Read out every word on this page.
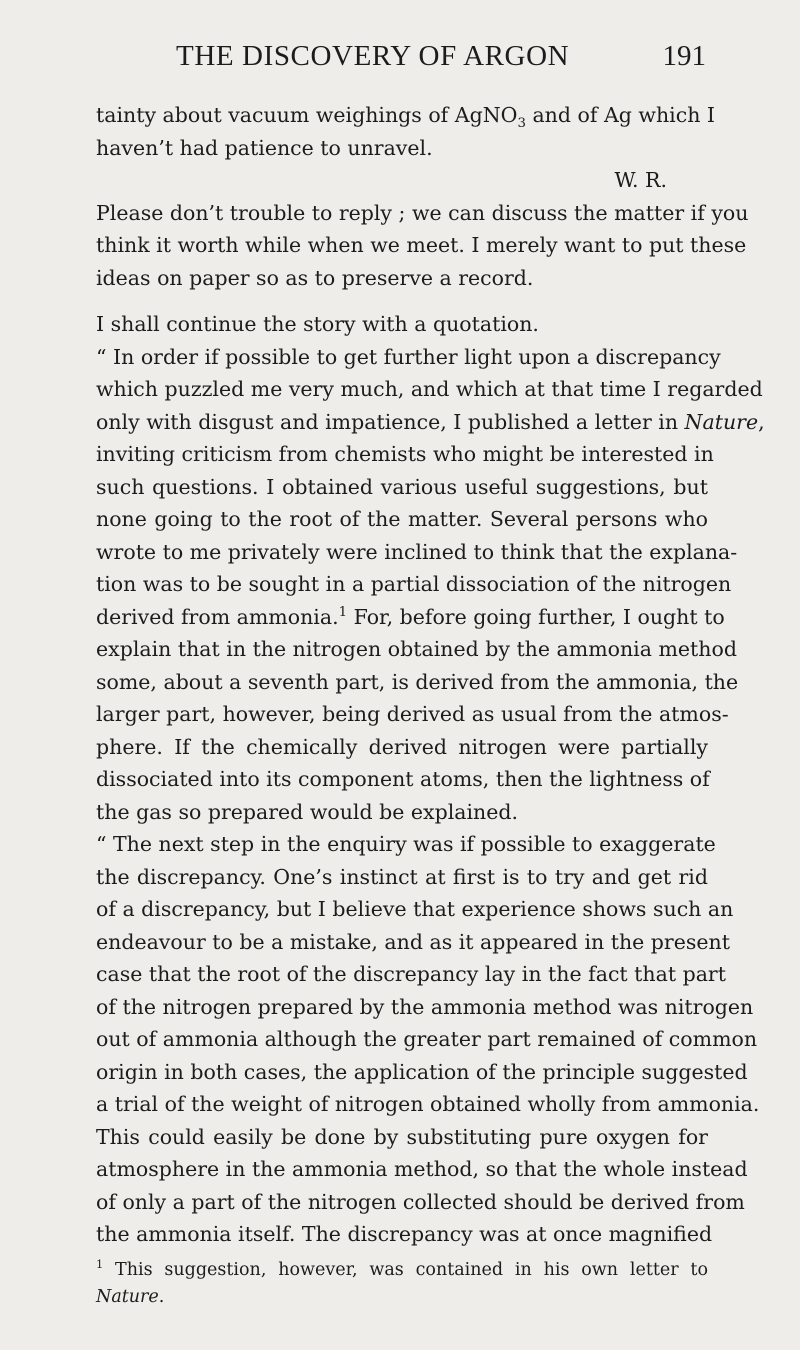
THE DISCOVERY OF ARGON	191
tainty about vacuum weighings of AgNO$_3$ and of Ag which I
haven’t had patience to unravel.
W. R.
Please don’t trouble to reply ; we can discuss the matter if you
think it worth while when we meet. I merely want to put these
ideas on paper so as to preserve a record.
I shall continue the story with a quotation.
“ In order if possible to get further light upon a discrepancy
which puzzled me very much, and which at that time I regarded
only with disgust and impatience, I published a letter in Nature,
inviting criticism from chemists who might be interested in
such questions. I obtained various useful suggestions, but
none going to the root of the matter. Several persons who
wrote to me privately were inclined to think that the explana-
tion was to be sought in a partial dissociation of the nitrogen
derived from ammonia.$^1$ For, before going further, I ought to
explain that in the nitrogen obtained by the ammonia method
some, about a seventh part, is derived from the ammonia, the
larger part, however, being derived as usual from the atmos-
phere. If the chemically derived nitrogen were partially
dissociated into its component atoms, then the lightness of
the gas so prepared would be explained.
“ The next step in the enquiry was if possible to exaggerate
the discrepancy. One’s instinct at first is to try and get rid
of a discrepancy, but I believe that experience shows such an
endeavour to be a mistake, and as it appeared in the present
case that the root of the discrepancy lay in the fact that part
of the nitrogen prepared by the ammonia method was nitrogen
out of ammonia although the greater part remained of common
origin in both cases, the application of the principle suggested
a trial of the weight of nitrogen obtained wholly from ammonia.
This could easily be done by substituting pure oxygen for
atmosphere in the ammonia method, so that the whole instead
of only a part of the nitrogen collected should be derived from
the ammonia itself. The discrepancy was at once magnified
$^1$ This suggestion, however, was contained in his own letter to
Nature.
